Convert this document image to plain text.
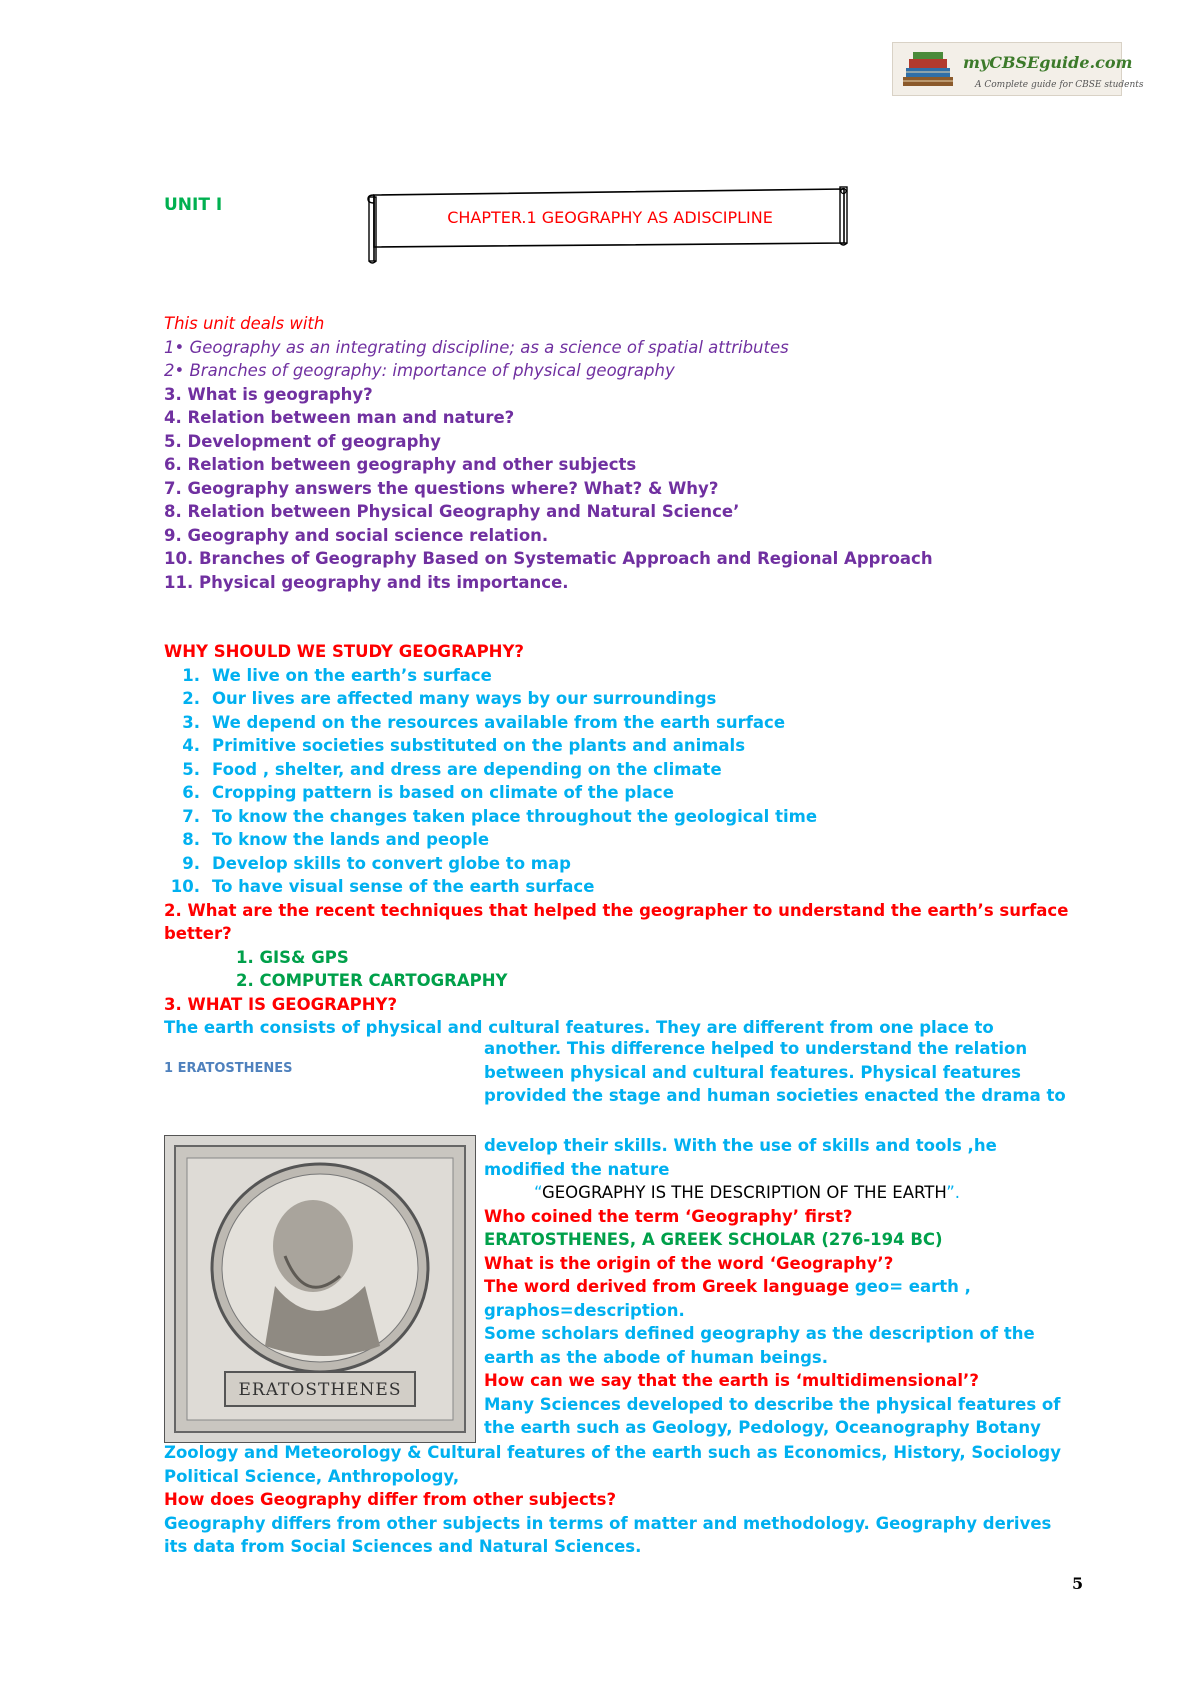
myCBSEguide.com
A Complete guide for CBSE students
UNIT I
CHAPTER.1 GEOGRAPHY AS ADISCIPLINE
This unit deals with
1• Geography as an integrating discipline; as a science of spatial attributes
2• Branches of geography: importance of physical geography
3. What is geography?
4. Relation between man and nature?
5. Development of geography
6. Relation between geography and other subjects
7. Geography answers the questions where? What? & Why?
8. Relation between Physical Geography and Natural Science’
9. Geography and social science relation.
10. Branches of Geography Based on Systematic Approach and Regional Approach
11. Physical geography and its importance.
WHY SHOULD WE STUDY GEOGRAPHY?
1. We live on the earth’s surface
2. Our lives are affected many ways by our surroundings
3. We depend on the resources available from the earth surface
4. Primitive societies substituted on the plants and animals
5. Food , shelter, and dress are depending on the climate
6. Cropping pattern is based on climate of the place
7. To know the changes taken place throughout the geological time
8. To know the lands and people
9. Develop skills to convert globe to map
10. To have visual sense of the earth surface
2. What are the recent techniques that helped the geographer to understand the earth’s surface
better?
1. GIS& GPS
2. COMPUTER CARTOGRAPHY
3. WHAT IS GEOGRAPHY?
The earth consists of physical and cultural features. They are different from one place to
1 ERATOSTHENES
another. This difference helped to understand the relation
between physical and cultural features. Physical features
provided the stage and human societies enacted the drama to
ERATOSTHENES
develop their skills. With the use of skills and tools ,he
modified the nature
“GEOGRAPHY IS THE DESCRIPTION OF THE EARTH”.
Who coined the term ‘Geography’ first?
ERATOSTHENES, A GREEK SCHOLAR (276-194 BC)
What is the origin of the word ‘Geography’?
The word derived from Greek language geo= earth ,
graphos=description.
Some scholars defined geography as the description of the
earth as the abode of human beings.
How can we say that the earth is ‘multidimensional’?
Many Sciences developed to describe the physical features of
the earth such as Geology, Pedology, Oceanography Botany
Zoology and Meteorology & Cultural features of the earth such as Economics, History, Sociology
Political Science, Anthropology,
How does Geography differ from other subjects?
Geography differs from other subjects in terms of matter and methodology. Geography derives
its data from Social Sciences and Natural Sciences.
5
